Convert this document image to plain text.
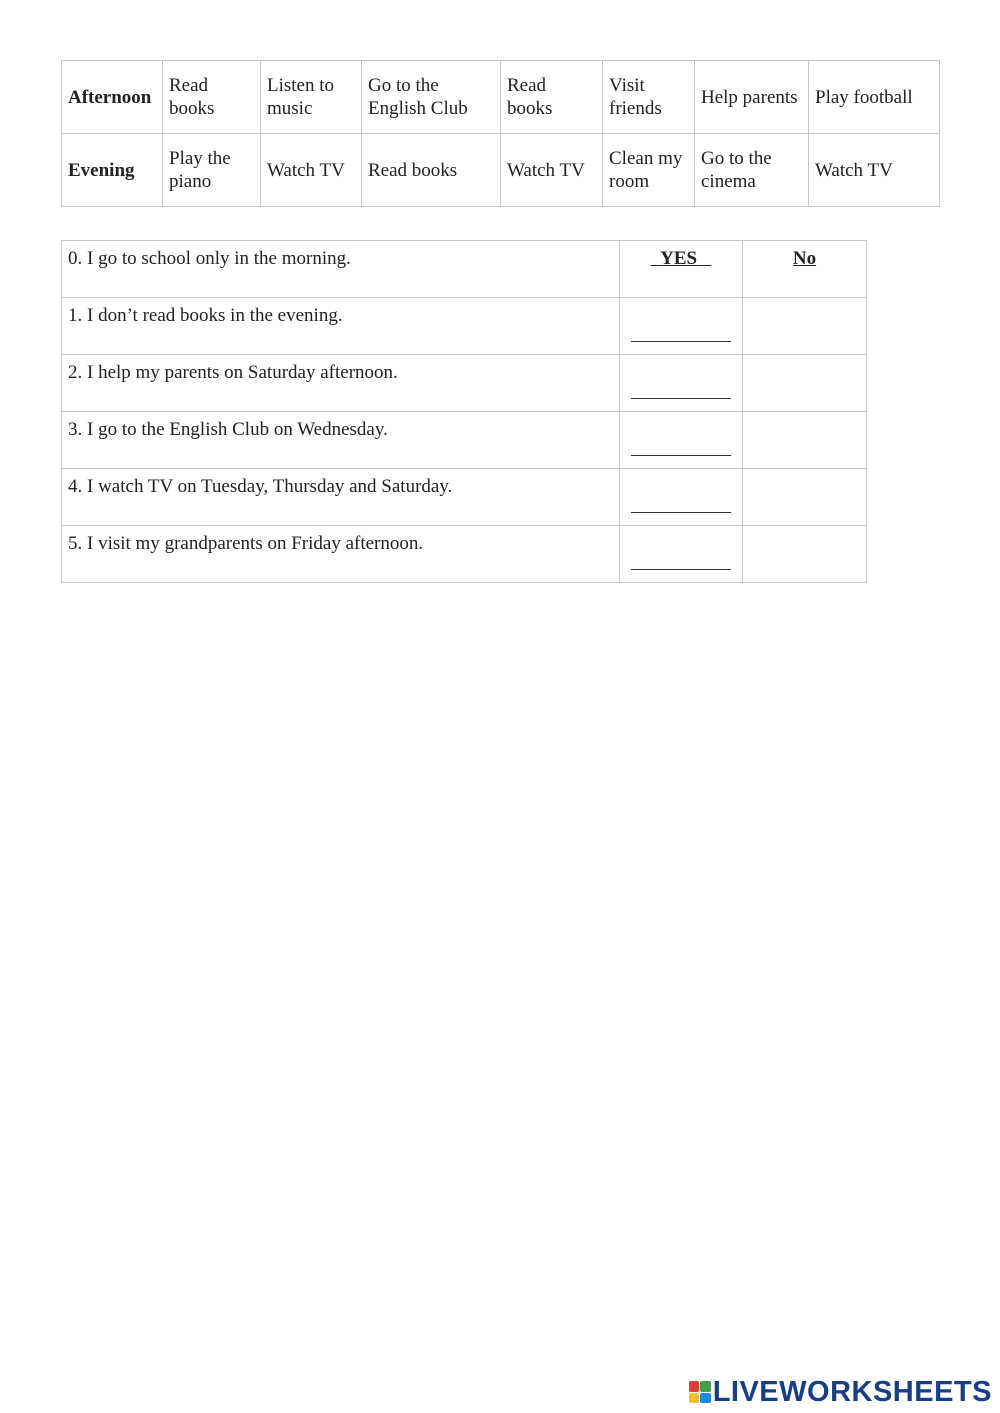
Afternoon	Read books	Listen to music	Go to the English Club	Read books	Visit friends	Help parents	Play football
Evening	Play the piano	Watch TV	Read books	Watch TV	Clean my room	Go to the cinema	Watch TV
0. I go to school only in the morning.	YES	No
1. I don’t read books in the evening.		
2. I help my parents on Saturday afternoon.		
3. I go to the English Club on Wednesday.		
4. I watch TV on Tuesday, Thursday and Saturday.		
5. I visit my grandparents on Friday afternoon.		
LIVEWORKSHEETS
